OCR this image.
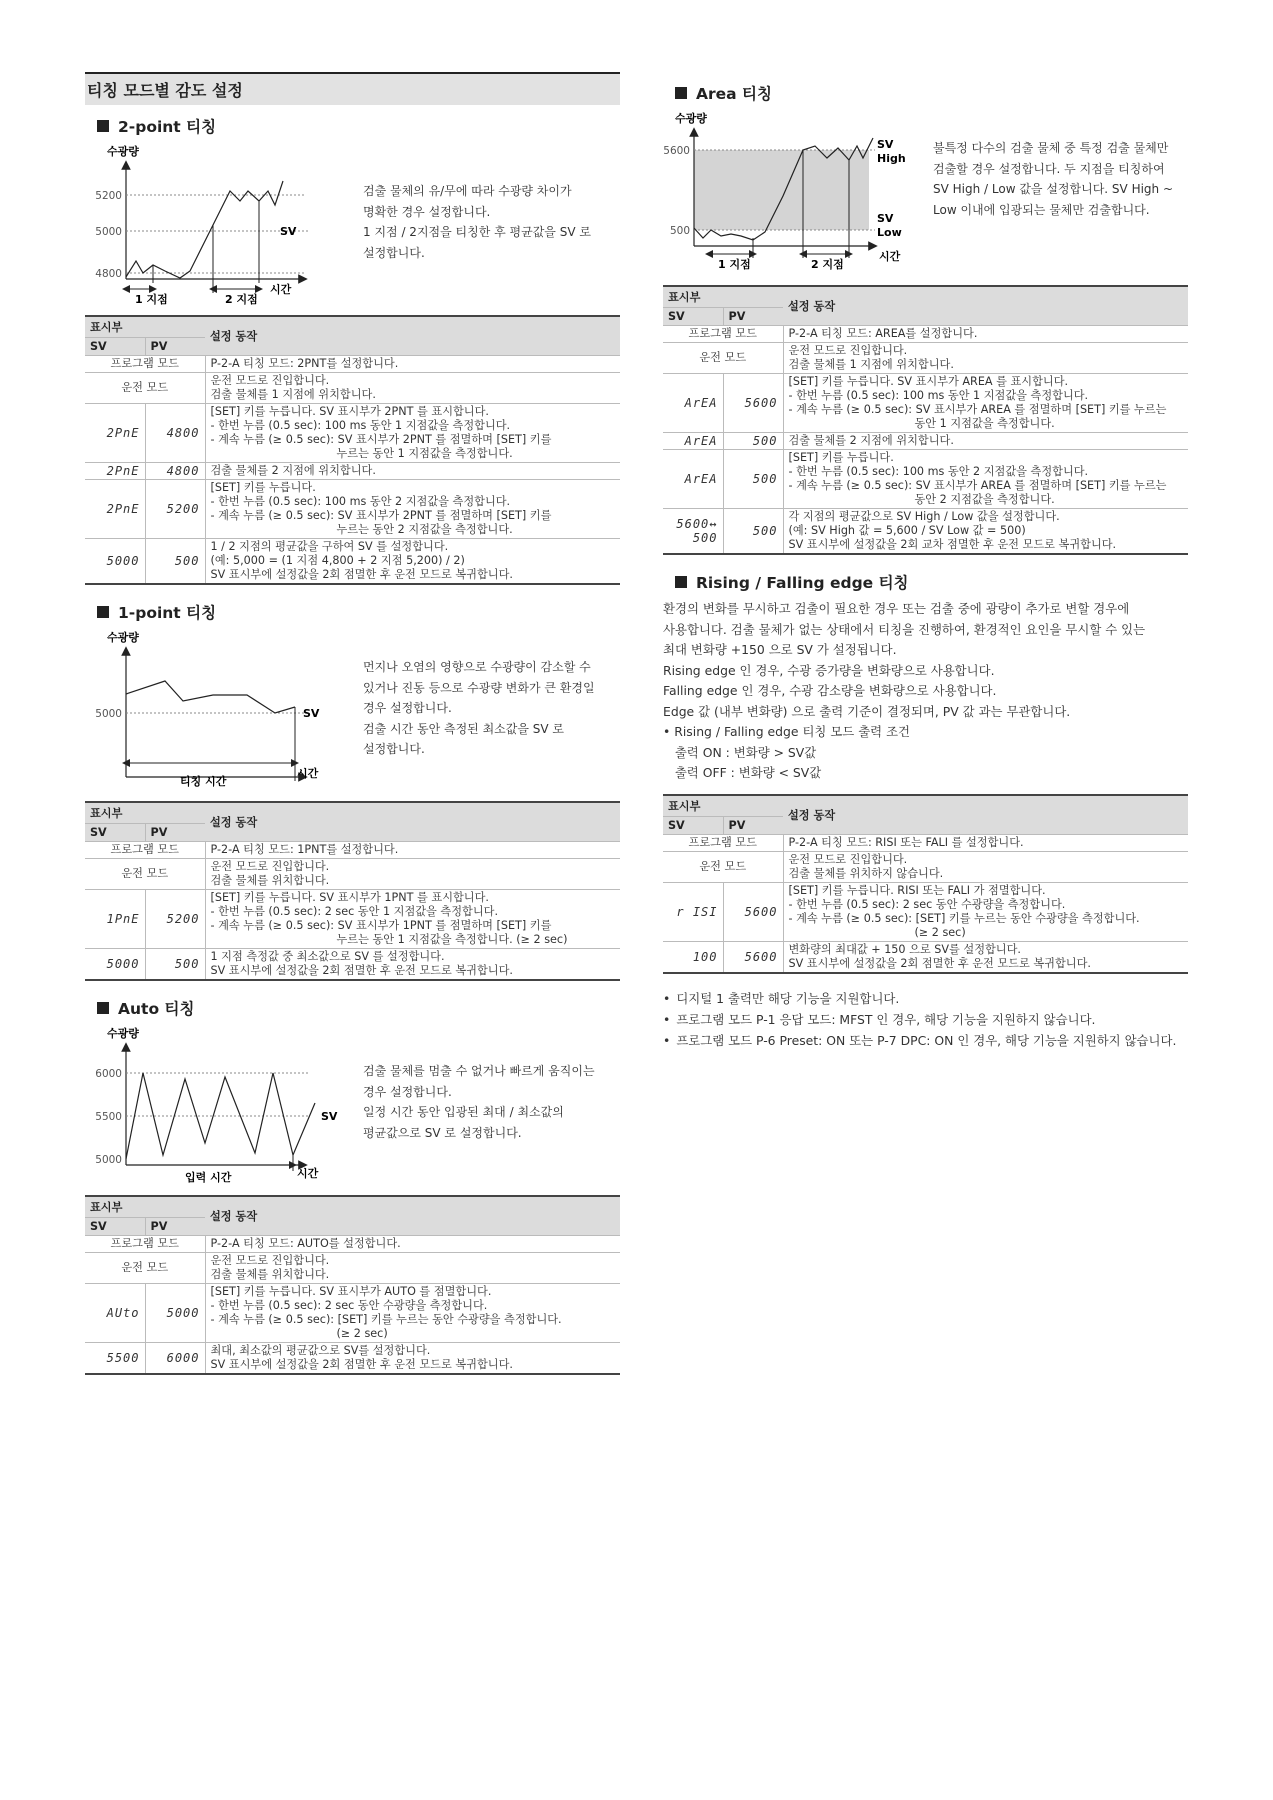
티칭 모드별 감도 설정
2-point 티칭
수광량
5200
5000
4800
1 지점	2 지점
SV
시간
검출 물체의 유/무에 따라 수광량 차이가
명확한 경우 설정합니다.
1 지점 / 2지점을 티칭한 후 평균값을 SV 로
설정합니다.
표시부		설정 동작
SV	PV	
프로그램 모드		P-2-A 티칭 모드: 2PNT를 설정합니다.

운전 모드		운전 모드로 진입합니다.
검출 물체를 1 지점에 위치합니다.

2PnE	4800	[SET] 키를 누릅니다. SV 표시부가 2PNT 를 표시합니다.
- 한번 누름 (0.5 sec): 100 ms 동안 1 지점값을 측정합니다.
- 계속 누름 (≥ 0.5 sec): SV 표시부가 2PNT 를 점멸하며 [SET] 키를
누르는 동안 1 지점값을 측정합니다.

2PnE	4800	검출 물체를 2 지점에 위치합니다.

2PnE	5200	[SET] 키를 누릅니다.
- 한번 누름 (0.5 sec): 100 ms 동안 2 지점값을 측정합니다.
- 계속 누름 (≥ 0.5 sec): SV 표시부가 2PNT 를 점멸하며 [SET] 키를
누르는 동안 2 지점값을 측정합니다.

5000	500	1 / 2 지점의 평균값을 구하여 SV 를 설정합니다.
(예: 5,000 = (1 지점 4,800 + 2 지점 5,200) / 2)
SV 표시부에 설정값을 2회 점멸한 후 운전 모드로 복귀합니다.
1-point 티칭
수광량
5000
티칭 시간
SV
시간
먼지나 오염의 영향으로 수광량이 감소할 수
있거나 진동 등으로 수광량 변화가 큰 환경일
경우 설정합니다.
검출 시간 동안 측정된 최소값을 SV 로
설정합니다.
표시부		설정 동작
SV	PV	
프로그램 모드		P-2-A 티칭 모드: 1PNT를 설정합니다.

운전 모드		운전 모드로 진입합니다.
검출 물체를 위치합니다.

1PnE	5200	[SET] 키를 누릅니다. SV 표시부가 1PNT 를 표시합니다.
- 한번 누름 (0.5 sec): 2 sec 동안 1 지점값을 측정합니다.
- 계속 누름 (≥ 0.5 sec): SV 표시부가 1PNT 를 점멸하며 [SET] 키를
누르는 동안 1 지점값을 측정합니다. (≥ 2 sec)

5000	500	1 지점 측정값 중 최소값으로 SV 를 설정합니다.
SV 표시부에 설정값을 2회 점멸한 후 운전 모드로 복귀합니다.
Auto 티칭
수광량
6000
5500
5000
입력 시간
SV
시간
검출 물체를 멈출 수 없거나 빠르게 움직이는
경우 설정합니다.
일정 시간 동안 입광된 최대 / 최소값의
평균값으로 SV 로 설정합니다.
표시부		설정 동작
SV	PV	
프로그램 모드		P-2-A 티칭 모드: AUTO를 설정합니다.

운전 모드		운전 모드로 진입합니다.
검출 물체를 위치합니다.

AUto	5000	[SET] 키를 누릅니다. SV 표시부가 AUTO 를 점멸합니다.
- 한번 누름 (0.5 sec): 2 sec 동안 수광량을 측정합니다.
- 계속 누름 (≥ 0.5 sec): [SET] 키를 누르는 동안 수광량을 측정합니다.
(≥ 2 sec)

5500	6000	최대, 최소값의 평균값으로 SV를 설정합니다.
SV 표시부에 설정값을 2회 점멸한 후 운전 모드로 복귀합니다.
Area 티칭
수광량
5600
500
1 지점	2 지점
SV
High
SV
Low
시간
불특정 다수의 검출 물체 중 특정 검출 물체만
검출할 경우 설정합니다. 두 지점을 티칭하여
SV High / Low 값을 설정합니다. SV High ~
Low 이내에 입광되는 물체만 검출합니다.
표시부		설정 동작
SV	PV	
프로그램 모드		P-2-A 티칭 모드: AREA를 설정합니다.

운전 모드		운전 모드로 진입합니다.
검출 물체를 1 지점에 위치합니다.

ArEA	5600	[SET] 키를 누릅니다. SV 표시부가 AREA 를 표시합니다.
- 한번 누름 (0.5 sec): 100 ms 동안 1 지점값을 측정합니다.
- 계속 누름 (≥ 0.5 sec): SV 표시부가 AREA 를 점멸하며 [SET] 키를 누르는
동안 1 지점값을 측정합니다.

ArEA	500	검출 물체를 2 지점에 위치합니다.

ArEA	500	[SET] 키를 누릅니다.
- 한번 누름 (0.5 sec): 100 ms 동안 2 지점값을 측정합니다.
- 계속 누름 (≥ 0.5 sec): SV 표시부가 AREA 를 점멸하며 [SET] 키를 누르는
동안 2 지점값을 측정합니다.

5600↔ 500	500	각 지점의 평균값으로 SV High / Low 값을 설정합니다.
(예: SV High 값 = 5,600 / SV Low 값 = 500)
SV 표시부에 설정값을 2회 교차 점멸한 후 운전 모드로 복귀합니다.
Rising / Falling edge 티칭
환경의 변화를 무시하고 검출이 필요한 경우 또는 검출 중에 광량이 추가로 변할 경우에
사용합니다. 검출 물체가 없는 상태에서 티칭을 진행하여, 환경적인 요인을 무시할 수 있는
최대 변화량 +150 으로 SV 가 설정됩니다.
Rising edge 인 경우, 수광 증가량을 변화량으로 사용합니다.
Falling edge 인 경우, 수광 감소량을 변화량으로 사용합니다.
Edge 값 (내부 변화량) 으로 출력 기준이 결정되며, PV 값 과는 무관합니다.
• Rising / Falling edge 티칭 모드 출력 조건
출력 ON : 변화량 > SV값
출력 OFF : 변화량 < SV값
표시부		설정 동작
SV	PV	
프로그램 모드		P-2-A 티칭 모드: RISI 또는 FALI 를 설정합니다.

운전 모드		운전 모드로 진입합니다.
검출 물체를 위치하지 않습니다.

r ISI	5600	[SET] 키를 누릅니다. RISI 또는 FALI 가 점멸합니다.
- 한번 누름 (0.5 sec): 2 sec 동안 수광량을 측정합니다.
- 계속 누름 (≥ 0.5 sec): [SET] 키를 누르는 동안 수광량을 측정합니다.
(≥ 2 sec)

100	5600	변화량의 최대값 + 150 으로 SV를 설정합니다.
SV 표시부에 설정값을 2회 점멸한 후 운전 모드로 복귀합니다.
• 디지털 1 출력만 해당 기능을 지원합니다.
• 프로그램 모드 P-1 응답 모드: MFST 인 경우, 해당 기능을 지원하지 않습니다.
• 프로그램 모드 P-6 Preset: ON 또는 P-7 DPC: ON 인 경우, 해당 기능을 지원하지 않습니다.
